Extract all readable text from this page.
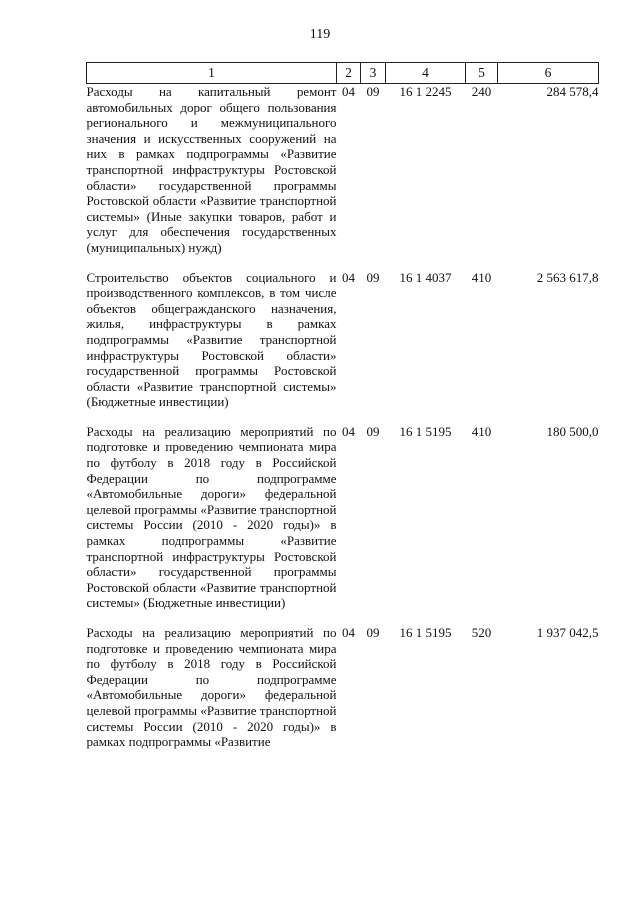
119
1	2	3	4	5	6
Расходы на капитальный ремонт автомобильных дорог общего пользования регионального и межмуниципального значения и искусственных сооружений на них в рамках подпрограммы «Развитие транспортной инфраструктуры Ростовской области» государственной программы Ростовской области «Развитие транспортной системы» (Иные закупки товаров, работ и услуг для обеспечения государственных (муниципальных) нужд)	04	09	16 1 2245	240	284 578,4
Строительство объектов социального и производственного комплексов, в том числе объектов общегражданского назначения, жилья, инфраструктуры в рамках подпрограммы «Развитие транспортной инфраструктуры Ростовской области» государственной программы Ростовской области «Развитие транспортной системы» (Бюджетные инвестиции)	04	09	16 1 4037	410	2 563 617,8
Расходы на реализацию мероприятий по подготовке и проведению чемпионата мира по футболу в 2018 году в Российской Федерации по подпрограмме «Автомобильные дороги» федеральной целевой программы «Развитие транспортной системы России (2010 - 2020 годы)» в рамках подпрограммы «Развитие транспортной инфраструктуры Ростовской области» государственной программы Ростовской области «Развитие транспортной системы» (Бюджетные инвестиции)	04	09	16 1 5195	410	180 500,0
Расходы на реализацию мероприятий по подготовке и проведению чемпионата мира по футболу в 2018 году в Российской Федерации по подпрограмме «Автомобильные дороги» федеральной целевой программы «Развитие транспортной системы России (2010 - 2020 годы)» в рамках подпрограммы «Развитие	04	09	16 1 5195	520	1 937 042,5
